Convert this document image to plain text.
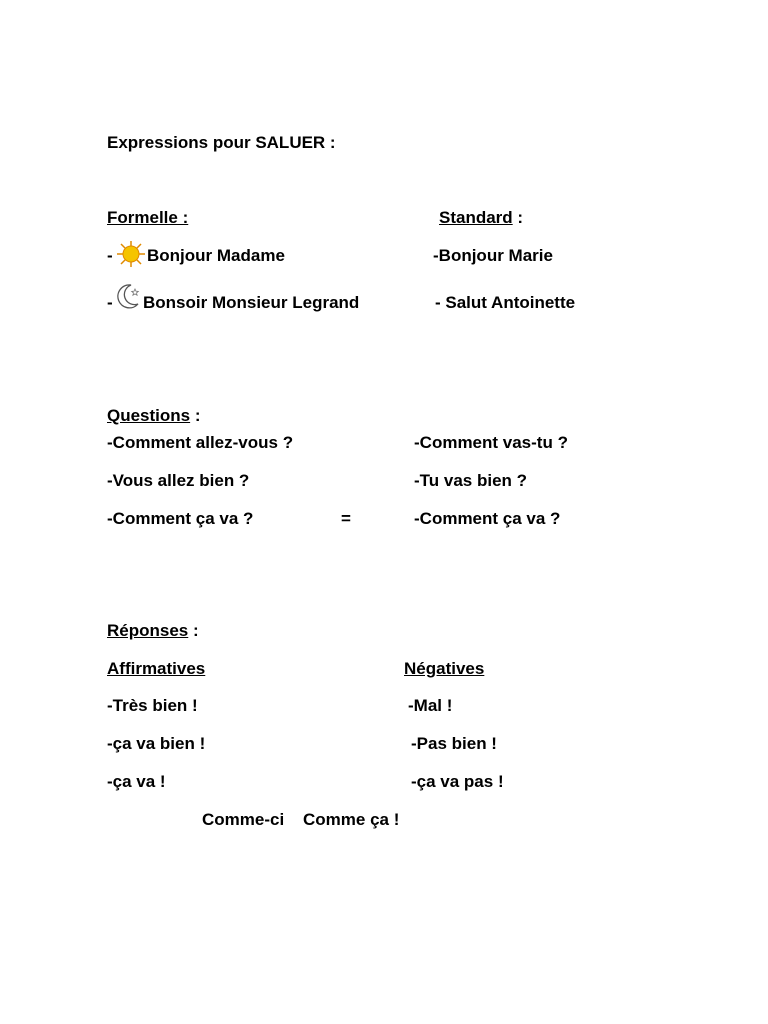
Expressions pour SALUER :
Formelle :	Standard :
- Bonjour Madame	-Bonjour Marie
- Bonsoir Monsieur Legrand	- Salut Antoinette
Questions :
-Comment allez-vous ?	-Comment vas-tu ?
-Vous allez bien ?	-Tu vas bien ?
-Comment ça va ?	=	-Comment ça va ?
Réponses :
Affirmatives	Négatives
-Très bien !	-Mal !
-ça va bien !	-Pas bien !
-ça va !	-ça va pas !
Comme-ci Comme ça !
